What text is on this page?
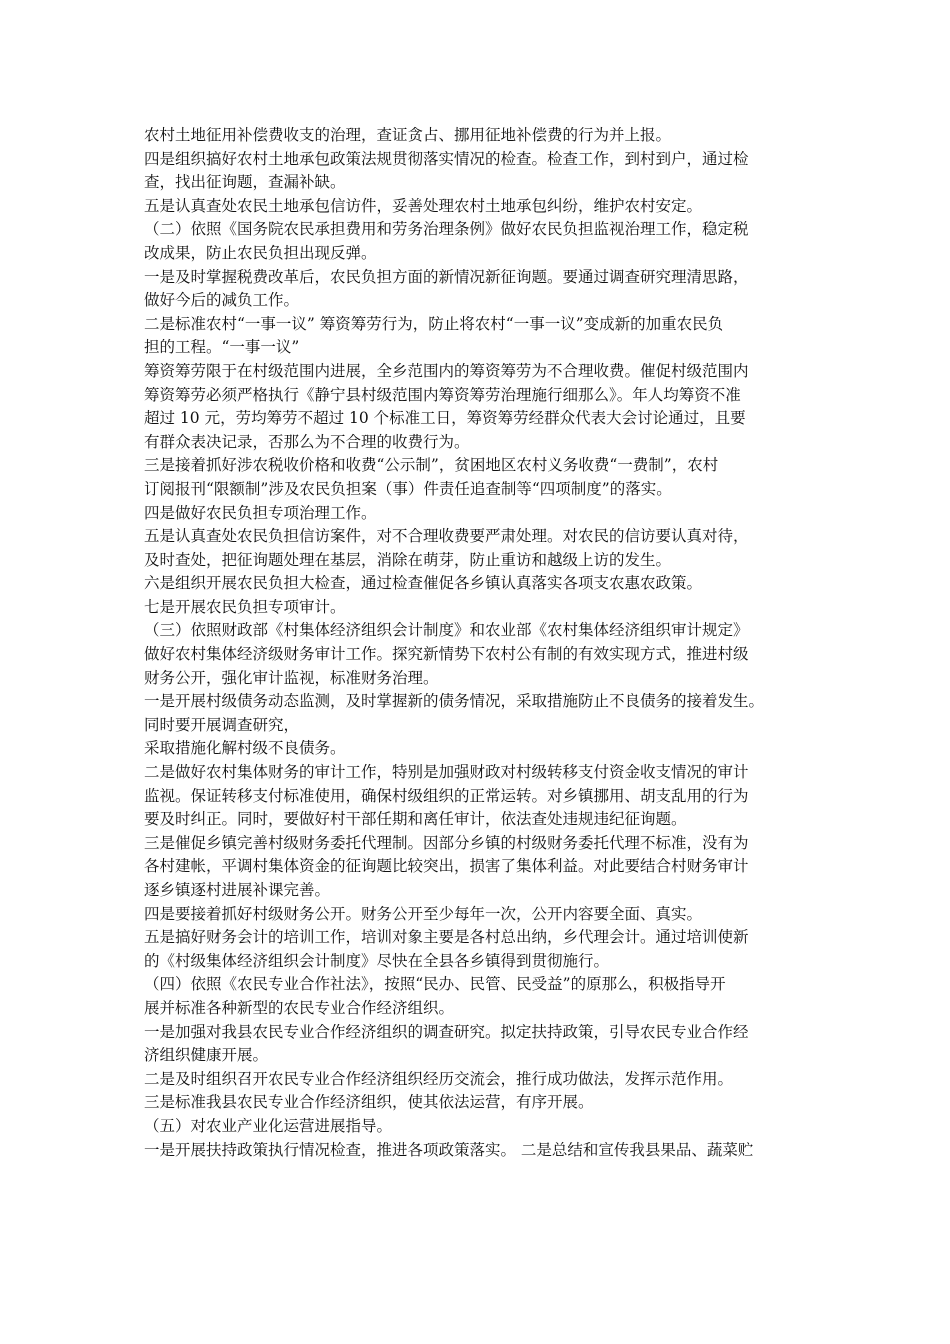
农村土地征用补偿费收支的治理，查证贪占、挪用征地补偿费的行为并上报。
四是组织搞好农村土地承包政策法规贯彻落实情况的检查。检查工作，到村到户，通过检
查，找出征询题，查漏补缺。
五是认真查处农民土地承包信访件，妥善处理农村土地承包纠纷，维护农村安定。
（二）依照《国务院农民承担费用和劳务治理条例》做好农民负担监视治理工作，稳定税
改成果，防止农民负担出现反弹。
一是及时掌握税费改革后，农民负担方面的新情况新征询题。要通过调查研究理清思路，
做好今后的减负工作。
二是标准农村“一事一议” 筹资筹劳行为，防止将农村“一事一议”变成新的加重农民负
担的工程。“一事一议”
筹资筹劳限于在村级范围内进展，全乡范围内的筹资筹劳为不合理收费。催促村级范围内
筹资筹劳必须严格执行《静宁县村级范围内筹资筹劳治理施行细那么》。年人均筹资不准
超过 10 元，劳均筹劳不超过 10 个标准工日，筹资筹劳经群众代表大会讨论通过，且要
有群众表决记录，否那么为不合理的收费行为。
三是接着抓好涉农税收价格和收费“公示制”，贫困地区农村义务收费“一费制”，农村
订阅报刊“限额制”涉及农民负担案（事）件责任追查制等“四项制度”的落实。
四是做好农民负担专项治理工作。
五是认真查处农民负担信访案件，对不合理收费要严肃处理。对农民的信访要认真对待，
及时查处，把征询题处理在基层，消除在萌芽，防止重访和越级上访的发生。
六是组织开展农民负担大检查，通过检查催促各乡镇认真落实各项支农惠农政策。
七是开展农民负担专项审计。
（三）依照财政部《村集体经济组织会计制度》和农业部《农村集体经济组织审计规定》
做好农村集体经济级财务审计工作。探究新情势下农村公有制的有效实现方式，推进村级
财务公开，强化审计监视，标准财务治理。
一是开展村级债务动态监测，及时掌握新的债务情况，采取措施防止不良债务的接着发生。
同时要开展调查研究，
采取措施化解村级不良债务。
二是做好农村集体财务的审计工作，特别是加强财政对村级转移支付资金收支情况的审计
监视。保证转移支付标准使用，确保村级组织的正常运转。对乡镇挪用、胡支乱用的行为
要及时纠正。同时，要做好村干部任期和离任审计，依法查处违规违纪征询题。
三是催促乡镇完善村级财务委托代理制。因部分乡镇的村级财务委托代理不标准，没有为
各村建帐，平调村集体资金的征询题比较突出，损害了集体利益。对此要结合村财务审计
逐乡镇逐村进展补课完善。
四是要接着抓好村级财务公开。财务公开至少每年一次，公开内容要全面、真实。
五是搞好财务会计的培训工作，培训对象主要是各村总出纳，乡代理会计。通过培训使新
的《村级集体经济组织会计制度》尽快在全县各乡镇得到贯彻施行。
（四）依照《农民专业合作社法》，按照“民办、民管、民受益”的原那么，积极指导开
展并标准各种新型的农民专业合作经济组织。
一是加强对我县农民专业合作经济组织的调查研究。拟定扶持政策，引导农民专业合作经
济组织健康开展。
二是及时组织召开农民专业合作经济组织经历交流会，推行成功做法，发挥示范作用。
三是标准我县农民专业合作经济组织，使其依法运营，有序开展。
（五）对农业产业化运营进展指导。
一是开展扶持政策执行情况检查，推进各项政策落实。 二是总结和宣传我县果品、蔬菜贮
